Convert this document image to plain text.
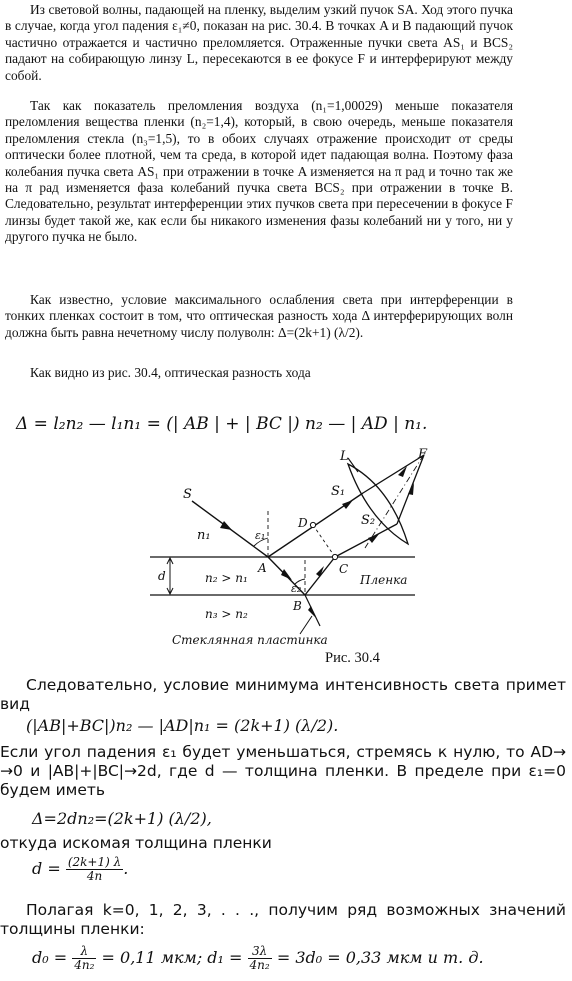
Из световой волны, падающей на пленку, выделим узкий пучок SA. Ход этого пучка в случае, когда угол падения ε₁≠0, показан на рис. 30.4. В точках A и B падающий пучок частично отражается и частично преломляется. Отраженные пучки света AS₁ и BCS₂ падают на собирающую линзу L, пересекаются в ее фокусе F и интерферируют между собой.

Так как показатель преломления воздуха (n₁=1,00029) меньше показателя преломления вещества пленки (n₂=1,4), который, в свою очередь, меньше показателя преломления стекла (n₃=1,5), то в обоих случаях отражение происходит от среды оптически более плотной, чем та среда, в которой идет падающая волна. Поэтому фаза колебания пучка света AS₁ при отражении в точке A изменяется на π рад и точно так же на π рад изменяется фаза колебаний пучка света BCS₂ при отражении в точке B. Следовательно, результат интерференции этих пучков света при пересечении в фокусе F линзы будет такой же, как если бы никакого изменения фазы колебаний ни у того, ни у другого пучка не было.

Как известно, условие максимального ослабления света при интерференции в тонких пленках состоит в том, что оптическая разность хода Δ интерферирующих волн должна быть равна нечетному числу полуволн: Δ=(2k+1) (λ/2).

Как видно из рис. 30.4, оптическая разность хода

Δ = l₂n₂ — l₁n₁ = (| AB | + | BC |) n₂ — | AD | n₁.
S
L	F
S₁
S₂
n₁	ε₁
D
A	C
n₂ > n₁
d
ε₂
B
n₃ > n₂
Пленка
Стеклянная пластинка
Рис. 30.4

Следовательно, условие минимума интенсивность света примет вид

(|AB|+BC|)n₂ — |AD|n₁ = (2k+1) (λ/2).

Если угол падения ε₁ будет уменьшаться, стремясь к нулю, то AD→ →0 и |AB|+|BC|→2d, где d — толщина пленки. В пределе при ε₁=0 будем иметь

Δ=2dn₂=(2k+1) (λ/2),

откуда искомая толщина пленки

$d = \frac{(2k+1) \lambda}{4n}$ .

Полагая k=0, 1, 2, 3, . . ., получим ряд возможных значений толщины пленки:

$d_0 = \frac{\lambda}{\text{4n₂}} = 0,11$ мкм; $d_1 = \frac{3\lambda}{\text{4n₂}} = 3d_0 = 0,33$ мкм и т. д.
